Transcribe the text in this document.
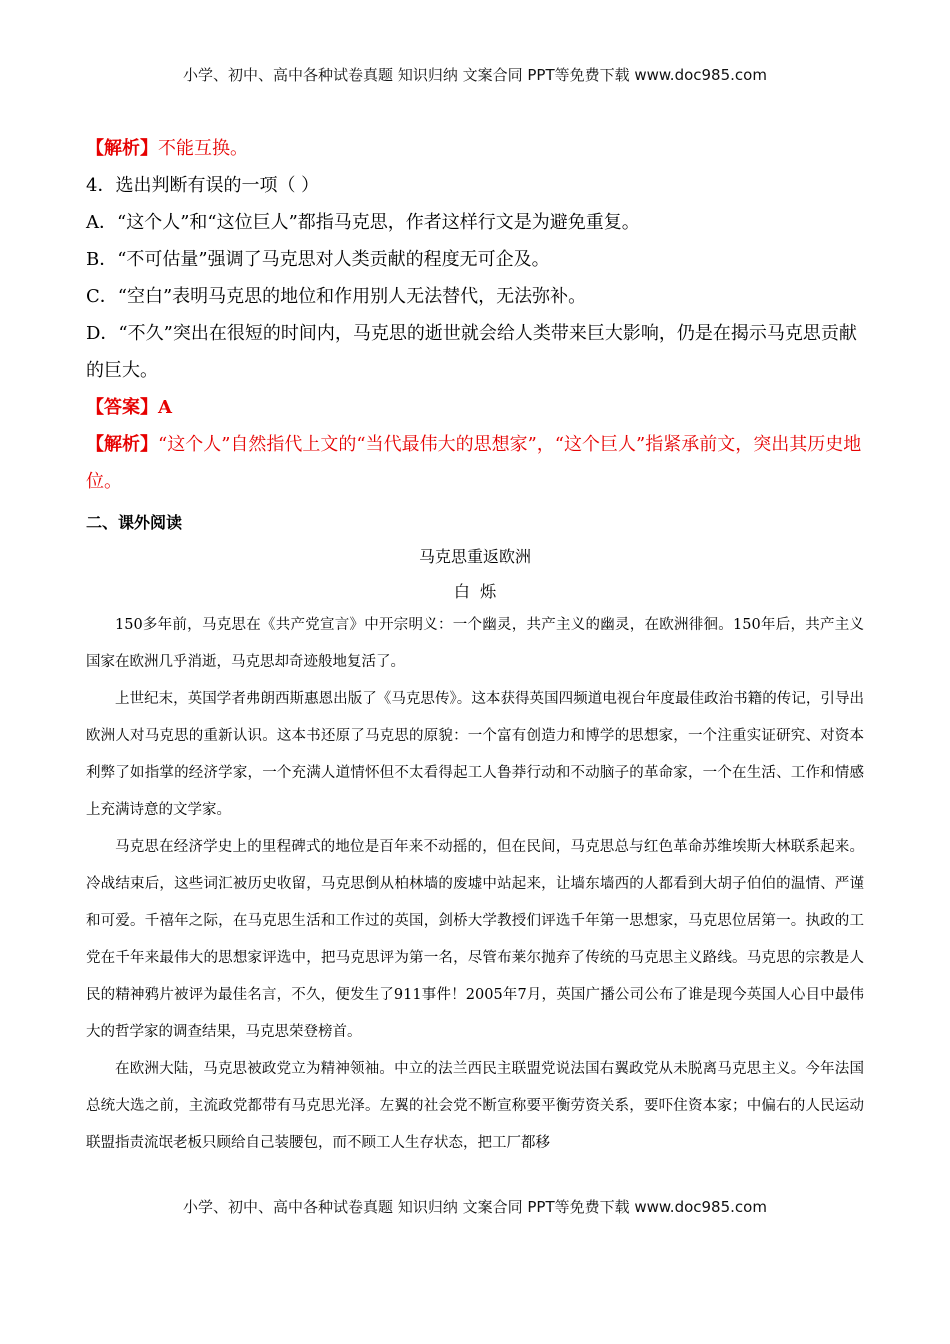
小学、初中、高中各种试卷真题 知识归纳 文案合同 PPT等免费下载 www.doc985.com
【解析】不能互换。
4．选出判断有误的一项（ ）
A．“这个人”和“这位巨人”都指马克思，作者这样行文是为避免重复。
B．“不可估量”强调了马克思对人类贡献的程度无可企及。
C．“空白”表明马克思的地位和作用别人无法替代，无法弥补。
D．“不久”突出在很短的时间内，马克思的逝世就会给人类带来巨大影响，仍是在揭示马克思贡献的巨大。
【答案】A
【解析】“这个人”自然指代上文的“当代最伟大的思想家”，“这个巨人”指紧承前文，突出其历史地位。
二、课外阅读
马克思重返欧洲
白  烁

150多年前，马克思在《共产党宣言》中开宗明义：一个幽灵，共产主义的幽灵，在欧洲徘徊。150年后，共产主义国家在欧洲几乎消逝，马克思却奇迹般地复活了。

上世纪末，英国学者弗朗西斯惠恩出版了《马克思传》。这本获得英国四频道电视台年度最佳政治书籍的传记，引导出欧洲人对马克思的重新认识。这本书还原了马克思的原貌：一个富有创造力和博学的思想家，一个注重实证研究、对资本利弊了如指掌的经济学家，一个充满人道情怀但不太看得起工人鲁莽行动和不动脑子的革命家，一个在生活、工作和情感上充满诗意的文学家。

马克思在经济学史上的里程碑式的地位是百年来不动摇的，但在民间，马克思总与红色革命苏维埃斯大林联系起来。冷战结束后，这些词汇被历史收留，马克思倒从柏林墙的废墟中站起来，让墙东墙西的人都看到大胡子伯伯的温情、严谨和可爱。千禧年之际，在马克思生活和工作过的英国，剑桥大学教授们评选千年第一思想家，马克思位居第一。执政的工党在千年来最伟大的思想家评选中，把马克思评为第一名，尽管布莱尔抛弃了传统的马克思主义路线。马克思的宗教是人民的精神鸦片被评为最佳名言，不久，便发生了911事件！2005年7月，英国广播公司公布了谁是现今英国人心目中最伟大的哲学家的调查结果，马克思荣登榜首。

在欧洲大陆，马克思被政党立为精神领袖。中立的法兰西民主联盟党说法国右翼政党从未脱离马克思主义。今年法国总统大选之前，主流政党都带有马克思光泽。左翼的社会党不断宣称要平衡劳资关系，要吓住资本家；中偏右的人民运动联盟指责流氓老板只顾给自己装腰包，而不顾工人生存状态，把工厂都移

小学、初中、高中各种试卷真题 知识归纳 文案合同 PPT等免费下载 www.doc985.com
